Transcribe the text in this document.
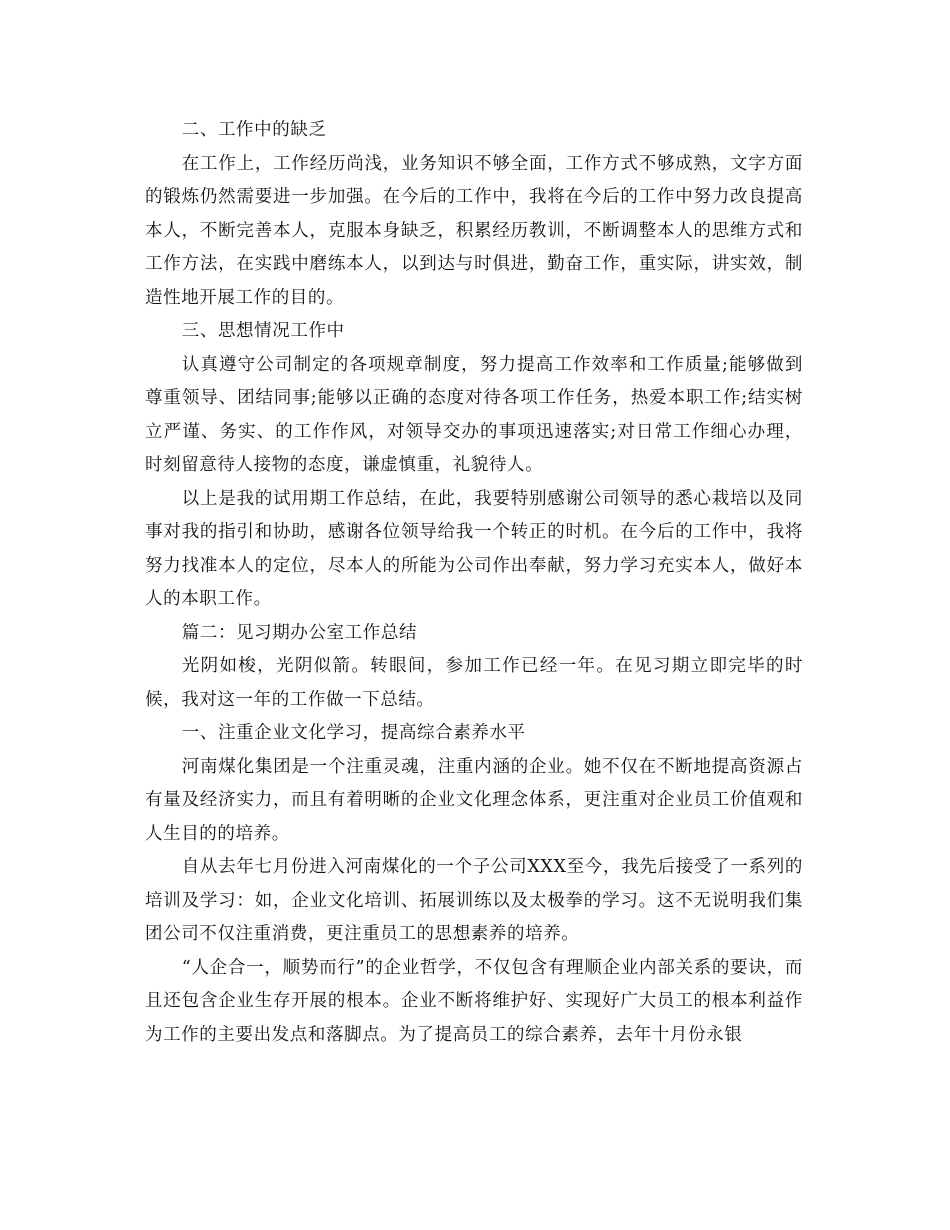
二、工作中的缺乏

在工作上，工作经历尚浅，业务知识不够全面，工作方式不够成熟，文字方面的锻炼仍然需要进一步加强。在今后的工作中，我将在今后的工作中努力改良提高本人，不断完善本人，克服本身缺乏，积累经历教训，不断调整本人的思维方式和工作方法，在实践中磨练本人，以到达与时俱进，勤奋工作，重实际，讲实效，制造性地开展工作的目的。

三、思想情况工作中

认真遵守公司制定的各项规章制度，努力提高工作效率和工作质量;能够做到尊重领导、团结同事;能够以正确的态度对待各项工作任务，热爱本职工作;结实树立严谨、务实、的工作作风，对领导交办的事项迅速落实;对日常工作细心办理，时刻留意待人接物的态度，谦虚慎重，礼貌待人。

以上是我的试用期工作总结，在此，我要特别感谢公司领导的悉心栽培以及同事对我的指引和协助，感谢各位领导给我一个转正的时机。在今后的工作中，我将努力找准本人的定位，尽本人的所能为公司作出奉献，努力学习充实本人，做好本人的本职工作。

篇二：见习期办公室工作总结

光阴如梭，光阴似箭。转眼间，参加工作已经一年。在见习期立即完毕的时候，我对这一年的工作做一下总结。

一、注重企业文化学习，提高综合素养水平

河南煤化集团是一个注重灵魂，注重内涵的企业。她不仅在不断地提高资源占有量及经济实力，而且有着明晰的企业文化理念体系，更注重对企业员工价值观和人生目的的培养。

自从去年七月份进入河南煤化的一个子公司XXX至今，我先后接受了一系列的培训及学习：如，企业文化培训、拓展训练以及太极拳的学习。这不无说明我们集团公司不仅注重消费，更注重员工的思想素养的培养。

“人企合一，顺势而行”的企业哲学，不仅包含有理顺企业内部关系的要诀，而且还包含企业生存开展的根本。企业不断将维护好、实现好广大员工的根本利益作为工作的主要出发点和落脚点。为了提高员工的综合素养，去年十月份永银
